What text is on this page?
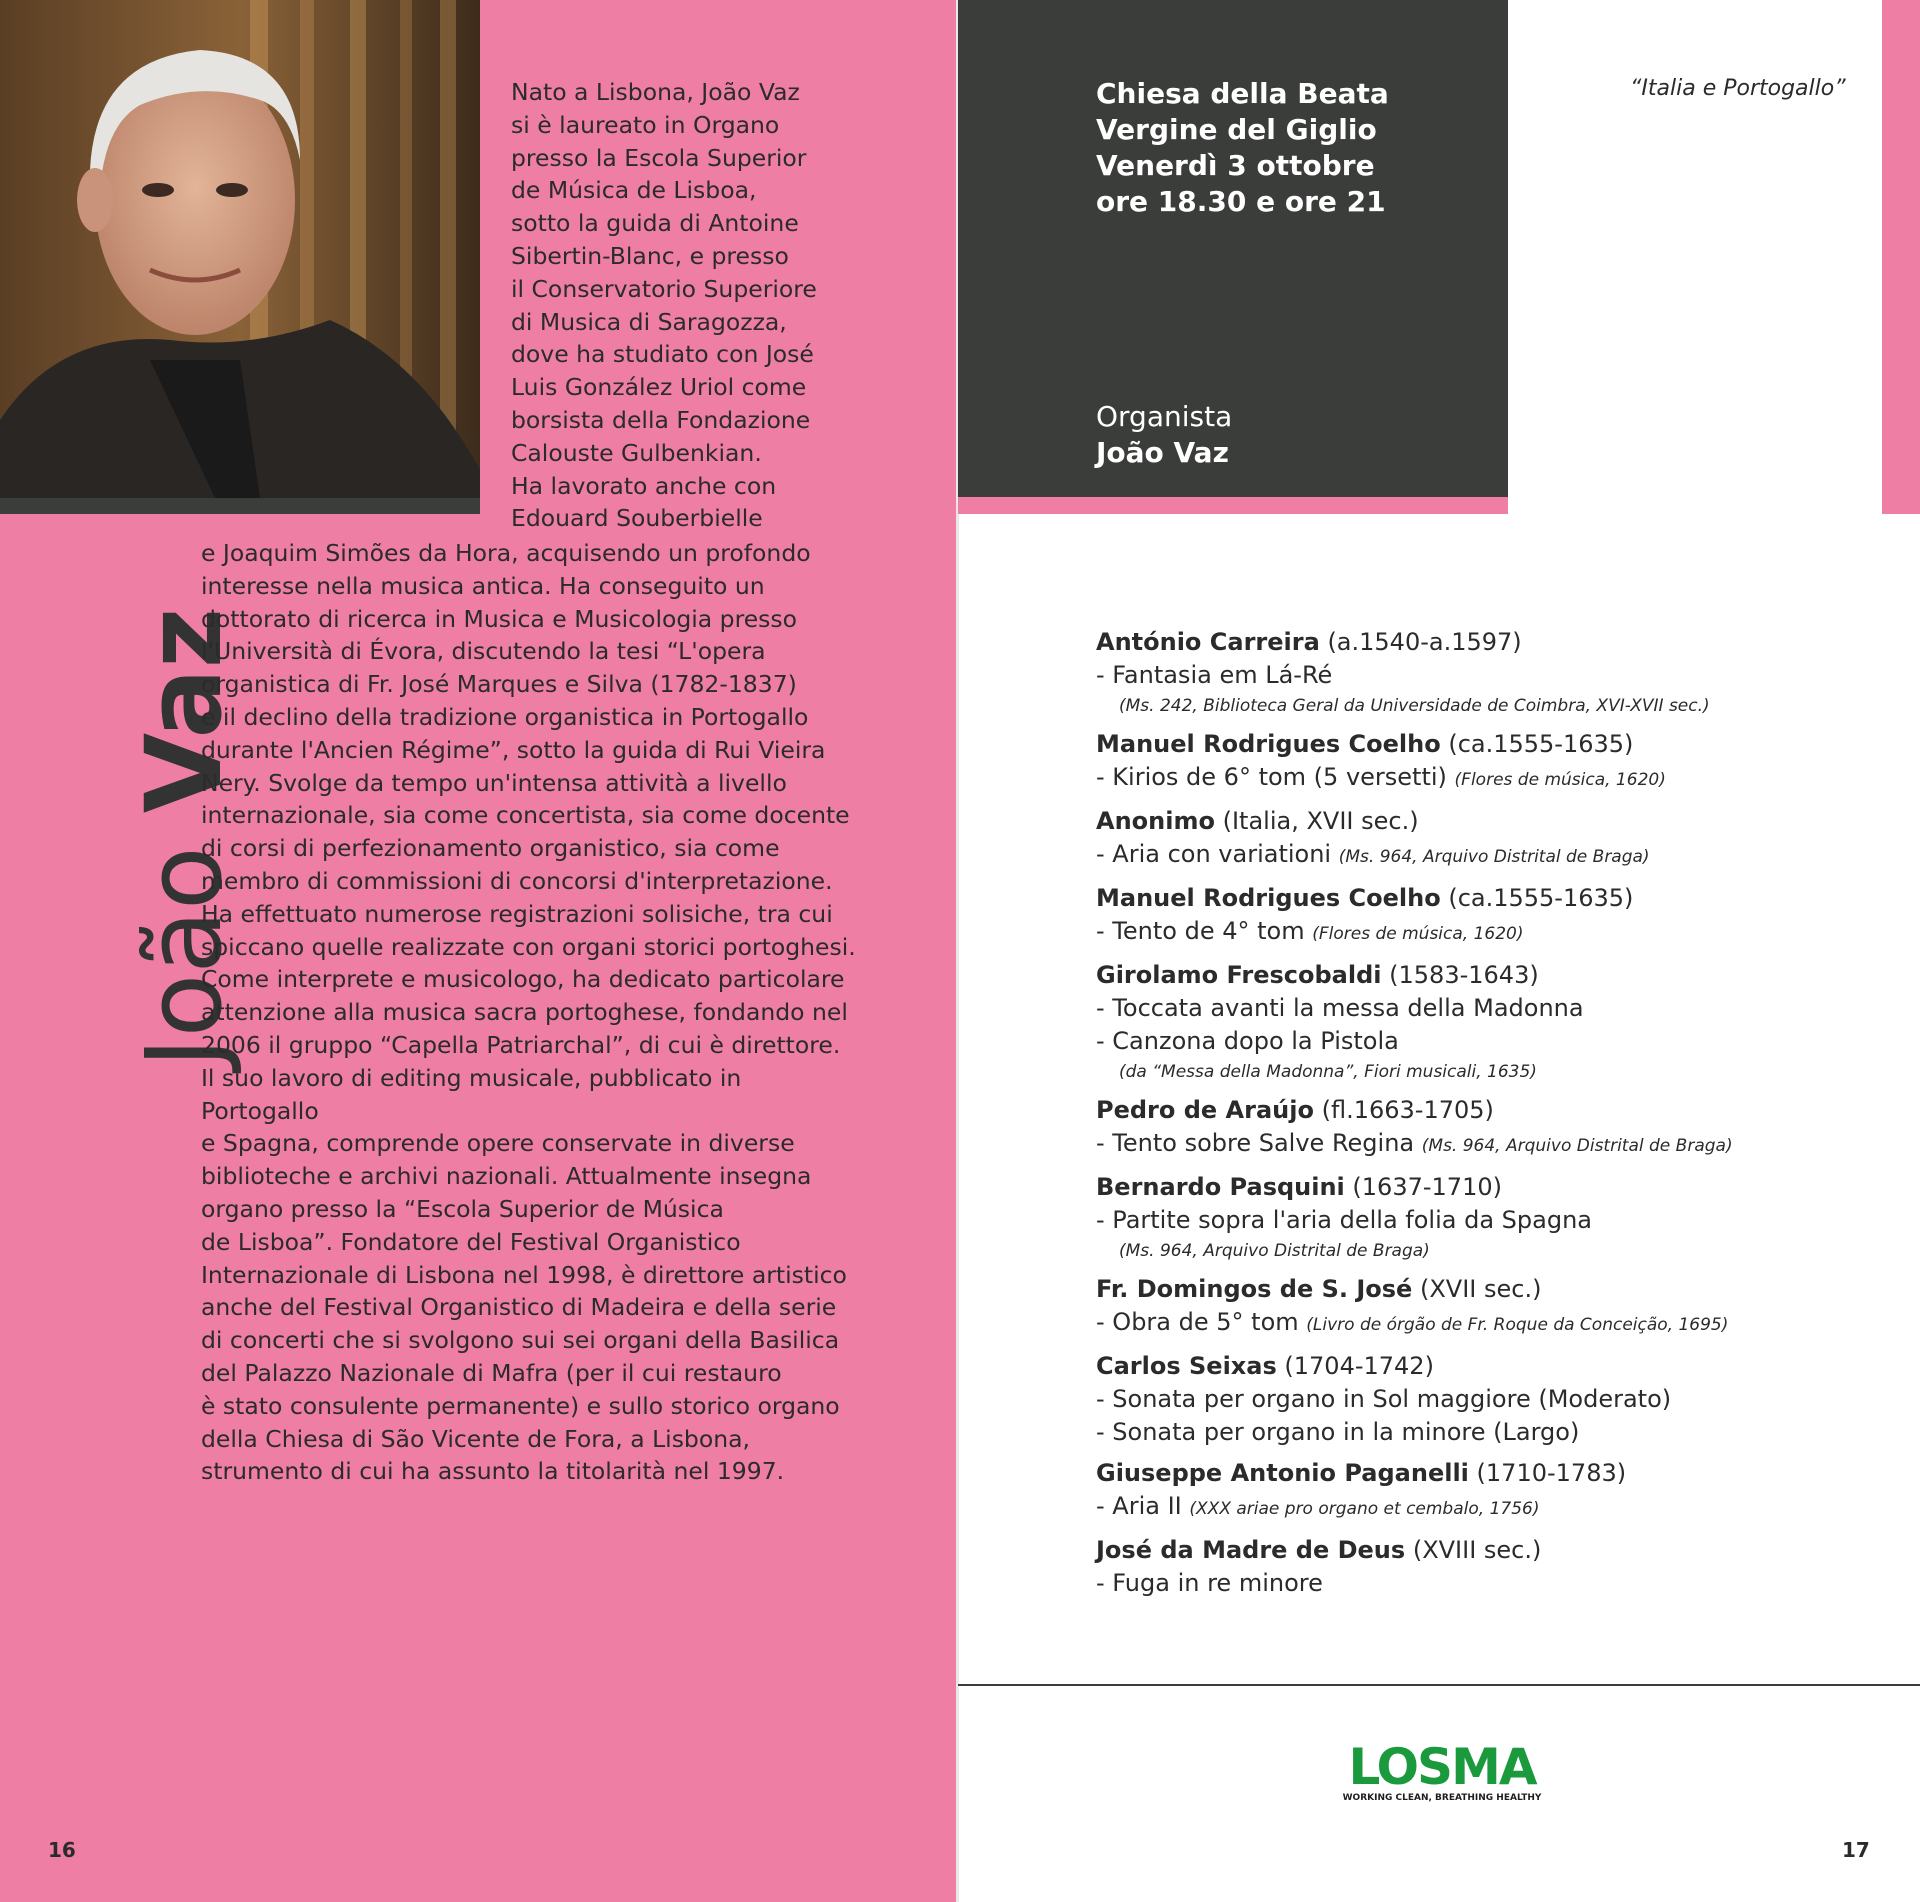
João Vaz

Nato a Lisbona, João Vaz
si è laureato in Organo
presso la Escola Superior
de Música de Lisboa,
sotto la guida di Antoine
Sibertin-Blanc, e presso
il Conservatorio Superiore
di Musica di Saragozza,
dove ha studiato con José
Luis González Uriol come
borsista della Fondazione
Calouste Gulbenkian.
Ha lavorato anche con
Edouard Souberbielle

e Joaquim Simões da Hora, acquisendo un profondo
interesse nella musica antica. Ha conseguito un
dottorato di ricerca in Musica e Musicologia presso
l'Università di Évora, discutendo la tesi “L'opera
organistica di Fr. José Marques e Silva (1782-1837)
e il declino della tradizione organistica in Portogallo
durante l'Ancien Régime”, sotto la guida di Rui Vieira
Nery. Svolge da tempo un'intensa attività a livello
internazionale, sia come concertista, sia come docente
di corsi di perfezionamento organistico, sia come
membro di commissioni di concorsi d'interpretazione.
Ha effettuato numerose registrazioni solisiche, tra cui
spiccano quelle realizzate con organi storici portoghesi.
Come interprete e musicologo, ha dedicato particolare
attenzione alla musica sacra portoghese, fondando nel
2006 il gruppo “Capella Patriarchal”, di cui è direttore.
Il suo lavoro di editing musicale, pubblicato in Portogallo
e Spagna, comprende opere conservate in diverse
biblioteche e archivi nazionali. Attualmente insegna
organo presso la “Escola Superior de Música
de Lisboa”. Fondatore del Festival Organistico
Internazionale di Lisbona nel 1998, è direttore artistico
anche del Festival Organistico di Madeira e della serie
di concerti che si svolgono sui sei organi della Basilica
del Palazzo Nazionale di Mafra (per il cui restauro
è stato consulente permanente) e sullo storico organo
della Chiesa di São Vicente de Fora, a Lisbona,
strumento di cui ha assunto la titolarità nel 1997.

16
Chiesa della Beata
Vergine del Giglio
Venerdì 3 ottobre
ore 18.30 e ore 21
Organista
João Vaz
“Italia e Portogallo”
António Carreira (a.1540-a.1597)
- Fantasia em Lá-Ré
(Ms. 242, Biblioteca Geral da Universidade de Coimbra, XVI-XVII sec.)
Manuel Rodrigues Coelho (ca.1555-1635)
- Kirios de 6° tom (5 versetti) (Flores de música, 1620)
Anonimo (Italia, XVII sec.)
- Aria con variationi (Ms. 964, Arquivo Distrital de Braga)
Manuel Rodrigues Coelho (ca.1555-1635)
- Tento de 4° tom (Flores de música, 1620)
Girolamo Frescobaldi (1583-1643)
- Toccata avanti la messa della Madonna
- Canzona dopo la Pistola
(da “Messa della Madonna”, Fiori musicali, 1635)
Pedro de Araújo (fl.1663-1705)
- Tento sobre Salve Regina (Ms. 964, Arquivo Distrital de Braga)
Bernardo Pasquini (1637-1710)
- Partite sopra l'aria della folia da Spagna
(Ms. 964, Arquivo Distrital de Braga)
Fr. Domingos de S. José (XVII sec.)
- Obra de 5° tom (Livro de órgão de Fr. Roque da Conceição, 1695)
Carlos Seixas (1704-1742)
- Sonata per organo in Sol maggiore (Moderato)
- Sonata per organo in la minore (Largo)
Giuseppe Antonio Paganelli (1710-1783)
- Aria II (XXX ariae pro organo et cembalo, 1756)
José da Madre de Deus (XVIII sec.)
- Fuga in re minore
LOSMA
WORKING CLEAN, BREATHING HEALTHY
17
